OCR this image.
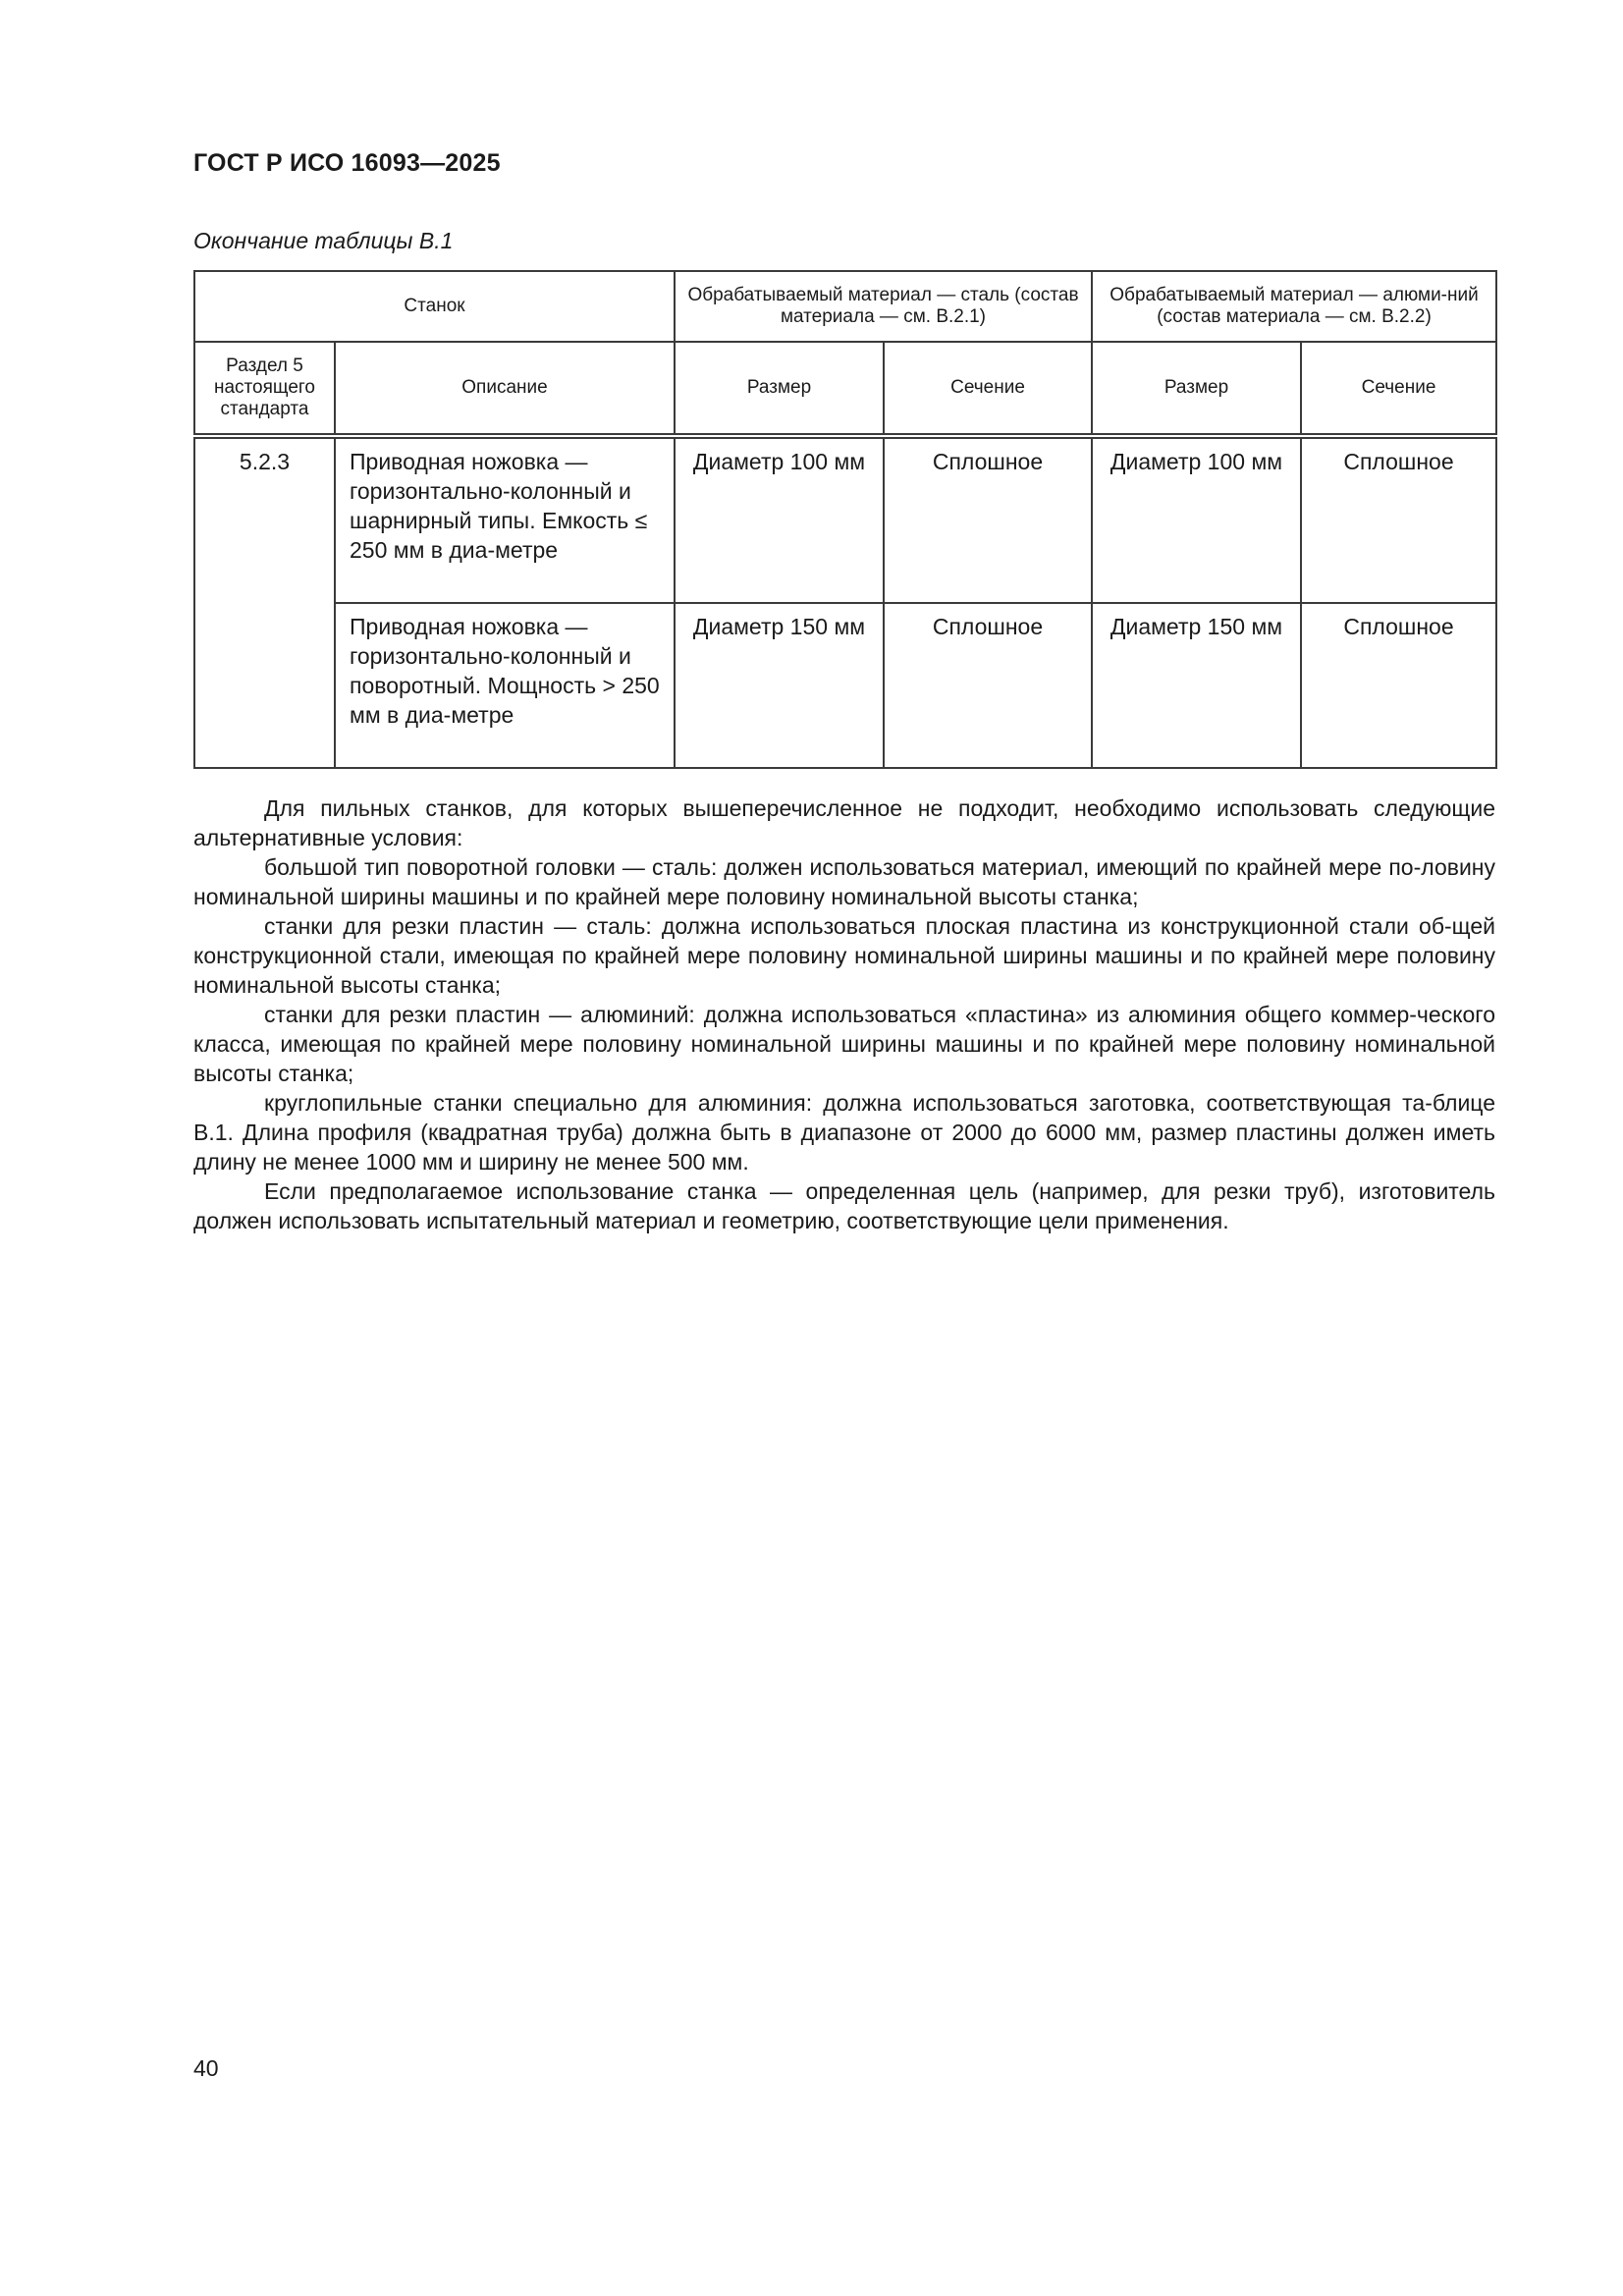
ГОСТ Р ИСО 16093—2025
Окончание таблицы В.1
Станок		Обрабатываемый материал — сталь (состав материала — см. В.2.1)		Обрабатываемый материал — алюми-ний (состав материала — см. В.2.2)	
Раздел 5 настоящего стандарта	Описание	Размер	Сечение	Размер	Сечение
5.2.3	Приводная ножовка — горизонтально-колонный и шарнирный типы. Емкость ≤ 250 мм в диа-метре	Диаметр 100 мм	Сплошное	Диаметр 100 мм	Сплошное
	Приводная ножовка — горизонтально-колонный и поворотный. Мощность > 250 мм в диа-метре	Диаметр 150 мм	Сплошное	Диаметр 150 мм	Сплошное

Для пильных станков, для которых вышеперечисленное не подходит, необходимо использовать следующие альтернативные условия:

большой тип поворотной головки — сталь: должен использоваться материал, имеющий по крайней мере по-ловину номинальной ширины машины и по крайней мере половину номинальной высоты станка;

станки для резки пластин — сталь: должна использоваться плоская пластина из конструкционной стали об-щей конструкционной стали, имеющая по крайней мере половину номинальной ширины машины и по крайней мере половину номинальной высоты станка;

станки для резки пластин — алюминий: должна использоваться «пластина» из алюминия общего коммер-ческого класса, имеющая по крайней мере половину номинальной ширины машины и по крайней мере половину номинальной высоты станка;

круглопильные станки специально для алюминия: должна использоваться заготовка, соответствующая та-блице В.1. Длина профиля (квадратная труба) должна быть в диапазоне от 2000 до 6000 мм, размер пластины должен иметь длину не менее 1000 мм и ширину не менее 500 мм.

Если предполагаемое использование станка — определенная цель (например, для резки труб), изготовитель должен использовать испытательный материал и геометрию, соответствующие цели применения.

40
